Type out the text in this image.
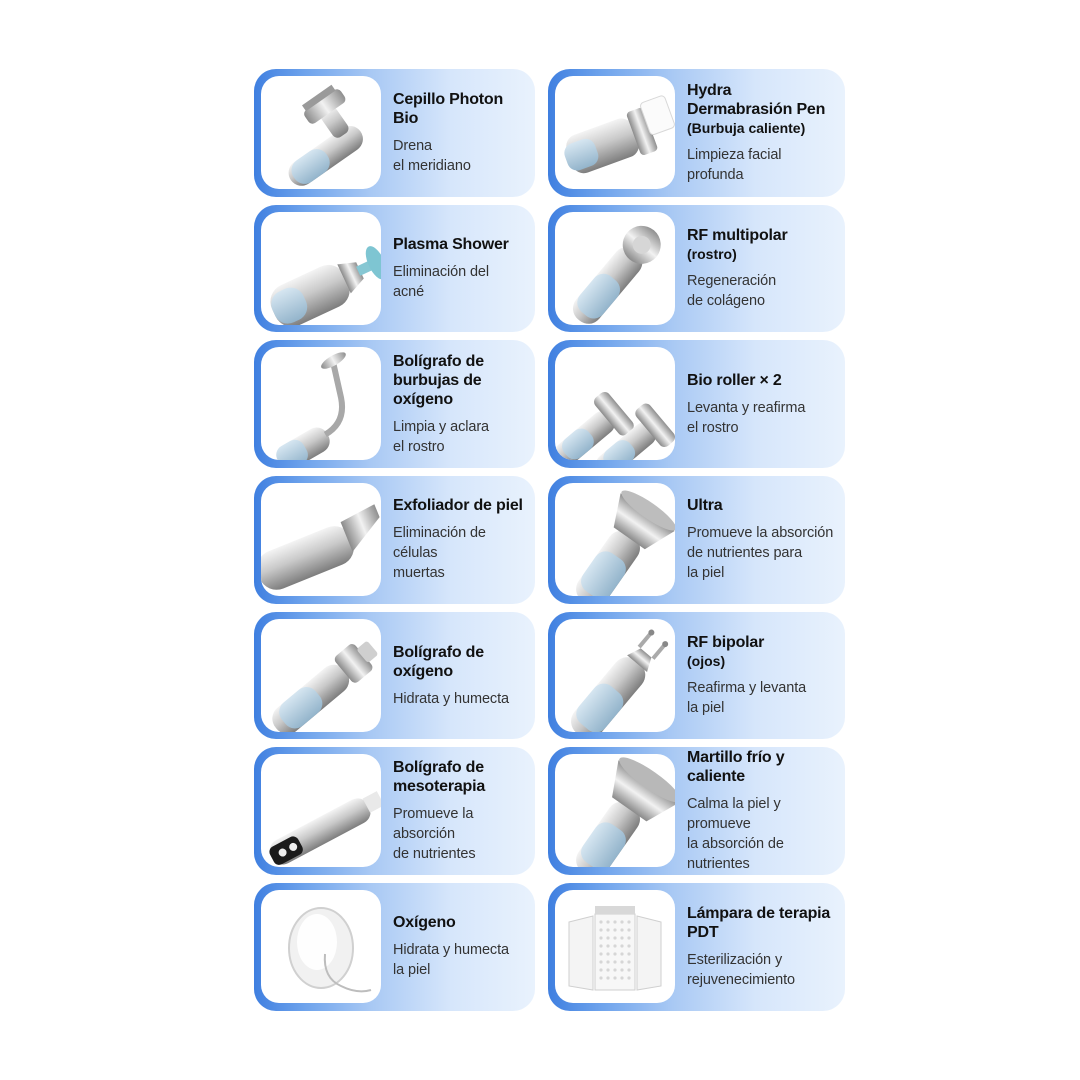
Cepillo Photon Bio
Drena
el meridiano
Hydra Dermabrasión Pen
(Burbuja caliente)
Limpieza facial
profunda
Plasma Shower
Eliminación del
acné
RF multipolar
(rostro)
Regeneración
de colágeno
Bolígrafo de burbujas de oxígeno
Limpia y aclara
el rostro
Bio roller × 2
Levanta y reafirma
el rostro
Exfoliador de piel
Eliminación de células
muertas
Ultra
Promueve la absorción
de nutrientes para
la piel
Bolígrafo de oxígeno
Hidrata y humecta
RF bipolar
(ojos)
Reafirma y levanta
la piel
Bolígrafo de mesoterapia
Promueve la absorción
de nutrientes
Martillo frío y caliente
Calma la piel y promueve
la absorción de nutrientes
Oxígeno
Hidrata y humecta
la piel
Lámpara de terapia PDT
Esterilización y
rejuvenecimiento
